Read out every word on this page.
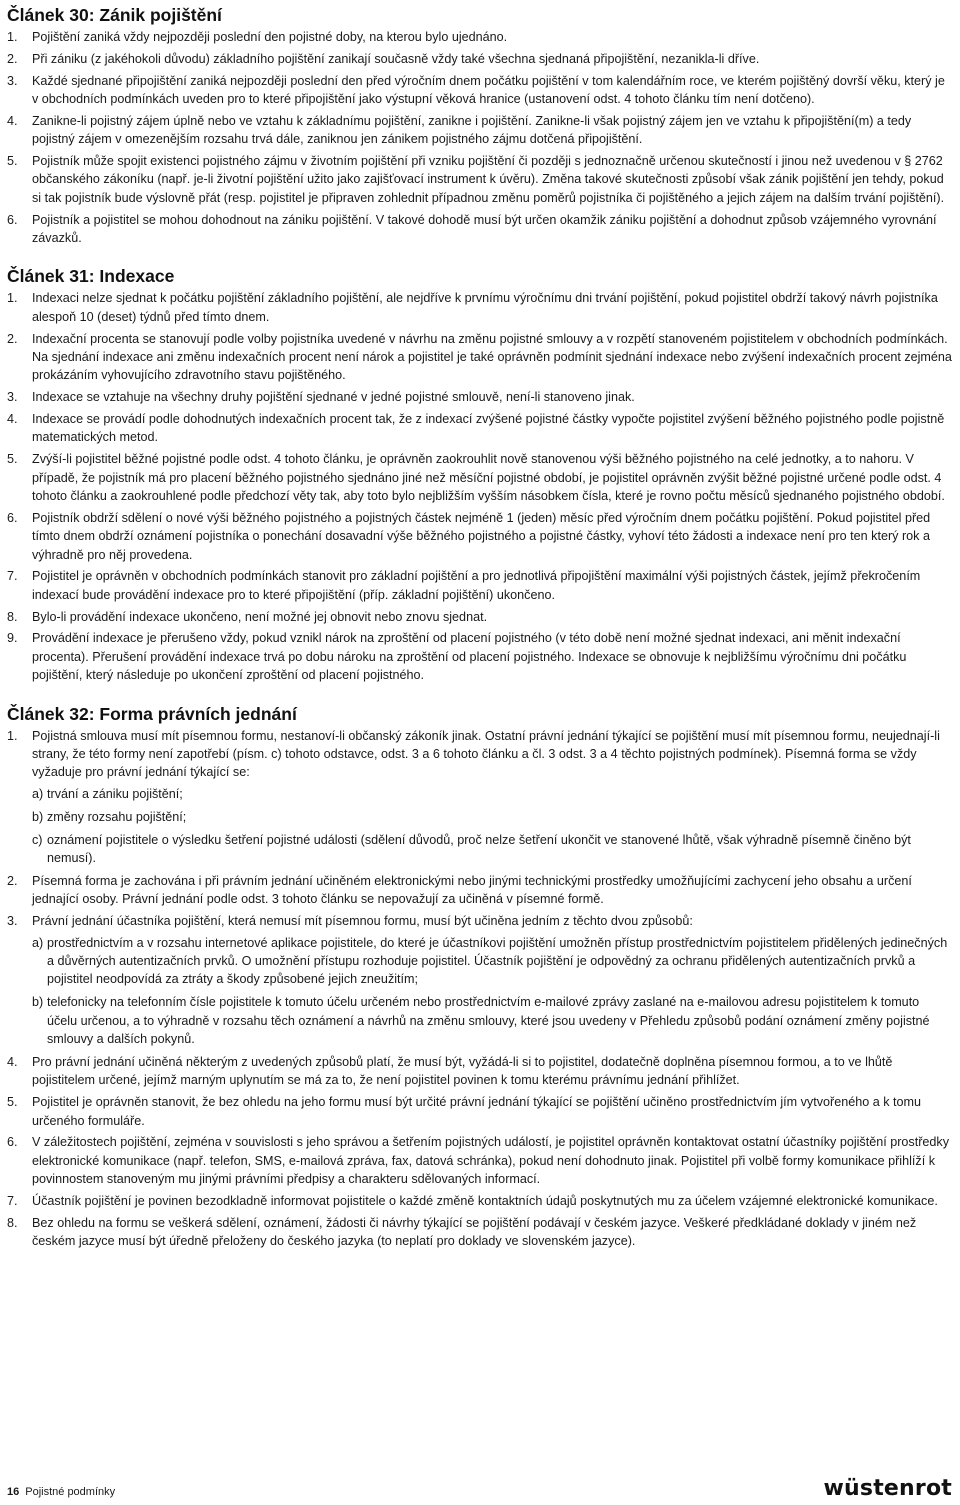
Článek 30: Zánik pojištění
1. Pojištění zaniká vždy nejpozději poslední den pojistné doby, na kterou bylo ujednáno.
2. Při zániku (z jakéhokoli důvodu) základního pojištění zanikají současně vždy také všechna sjednaná připojištění, nezanikla-li dříve.
3. Každé sjednané připojištění zaniká nejpozději poslední den před výročním dnem počátku pojištění v tom kalendářním roce, ve kterém pojištěný dovrší věku, který je v obchodních podmínkách uveden pro to které připojištění jako výstupní věková hranice (ustanovení odst. 4 tohoto článku tím není dotčeno).
4. Zanikne-li pojistný zájem úplně nebo ve vztahu k základnímu pojištění, zanikne i pojištění. Zanikne-li však pojistný zájem jen ve vztahu k připojištění(m) a tedy pojistný zájem v omezenějším rozsahu trvá dále, zaniknou jen zánikem pojistného zájmu dotčená připojištění.
5. Pojistník může spojit existenci pojistného zájmu v životním pojištění při vzniku pojištění či později s jednoznačně určenou skutečností i jinou než uvedenou v § 2762 občanského zákoníku (např. je-li životní pojištění užito jako zajišťovací instrument k úvěru). Změna takové skutečnosti způsobí však zánik pojištění jen tehdy, pokud si tak pojistník bude výslovně přát (resp. pojistitel je připraven zohlednit případnou změnu poměrů pojistníka či pojištěného a jejich zájem na dalším trvání pojištění).
6. Pojistník a pojistitel se mohou dohodnout na zániku pojištění. V takové dohodě musí být určen okamžik zániku pojištění a dohodnut způsob vzájemného vyrovnání závazků.
Článek 31: Indexace
1. Indexaci nelze sjednat k počátku pojištění základního pojištění, ale nejdříve k prvnímu výročnímu dni trvání pojištění, pokud pojistitel obdrží takový návrh pojistníka alespoň 10 (deset) týdnů před tímto dnem.
2. Indexační procenta se stanovují podle volby pojistníka uvedené v návrhu na změnu pojistné smlouvy a v rozpětí stanoveném pojistitelem v obchodních podmínkách. Na sjednání indexace ani změnu indexačních procent není nárok a pojistitel je také oprávněn podmínit sjednání indexace nebo zvýšení indexačních procent zejména prokázáním vyhovujícího zdravotního stavu pojištěného.
3. Indexace se vztahuje na všechny druhy pojištění sjednané v jedné pojistné smlouvě, není-li stanoveno jinak.
4. Indexace se provádí podle dohodnutých indexačních procent tak, že z indexací zvýšené pojistné částky vypočte pojistitel zvýšení běžného pojistného podle pojistně matematických metod.
5. Zvýší-li pojistitel běžné pojistné podle odst. 4 tohoto článku, je oprávněn zaokrouhlit nově stanovenou výši běžného pojistného na celé jednotky, a to nahoru. V případě, že pojistník má pro placení běžného pojistného sjednáno jiné než měsíční pojistné období, je pojistitel oprávněn zvýšit běžné pojistné určené podle odst. 4 tohoto článku a zaokrouhlené podle předchozí věty tak, aby toto bylo nejbližším vyšším násobkem čísla, které je rovno počtu měsíců sjednaného pojistného období.
6. Pojistník obdrží sdělení o nové výši běžného pojistného a pojistných částek nejméně 1 (jeden) měsíc před výročním dnem počátku pojištění. Pokud pojistitel před tímto dnem obdrží oznámení pojistníka o ponechání dosavadní výše běžného pojistného a pojistné částky, vyhoví této žádosti a indexace není pro ten který rok a výhradně pro něj provedena.
7. Pojistitel je oprávněn v obchodních podmínkách stanovit pro základní pojištění a pro jednotlivá připojištění maximální výši pojistných částek, jejímž překročením indexací bude provádění indexace pro to které připojištění (příp. základní pojištění) ukončeno.
8. Bylo-li provádění indexace ukončeno, není možné jej obnovit nebo znovu sjednat.
9. Provádění indexace je přerušeno vždy, pokud vznikl nárok na zproštění od placení pojistného (v této době není možné sjednat indexaci, ani měnit indexační procenta). Přerušení provádění indexace trvá po dobu nároku na zproštění od placení pojistného. Indexace se obnovuje k nejbližšímu výročnímu dni počátku pojištění, který následuje po ukončení zproštění od placení pojistného.
Článek 32: Forma právních jednání
1. Pojistná smlouva musí mít písemnou formu, nestanoví-li občanský zákoník jinak. Ostatní právní jednání týkající se pojištění musí mít písemnou formu, neujednají-li strany, že této formy není zapotřebí (písm. c) tohoto odstavce, odst. 3 a 6 tohoto článku a čl. 3 odst. 3 a 4 těchto pojistných podmínek). Písemná forma se vždy vyžaduje pro právní jednání týkající se:
a) trvání a zániku pojištění;
b) změny rozsahu pojištění;
c) oznámení pojistitele o výsledku šetření pojistné události (sdělení důvodů, proč nelze šetření ukončit ve stanovené lhůtě, však výhradně písemně činěno být nemusí).
2. Písemná forma je zachována i při právním jednání učiněném elektronickými nebo jinými technickými prostředky umožňujícími zachycení jeho obsahu a určení jednající osoby. Právní jednání podle odst. 3 tohoto článku se nepovažují za učiněná v písemné formě.
3. Právní jednání účastníka pojištění, která nemusí mít písemnou formu, musí být učiněna jedním z těchto dvou způsobů:
a) prostřednictvím a v rozsahu internetové aplikace pojistitele, do které je účastníkovi pojištění umožněn přístup prostřednictvím pojistitelem přidělených jedinečných a důvěrných autentizačních prvků. O umožnění přístupu rozhoduje pojistitel. Účastník pojištění je odpovědný za ochranu přidělených autentizačních prvků a pojistitel neodpovídá za ztráty a škody způsobené jejich zneužitím;
b) telefonicky na telefonním čísle pojistitele k tomuto účelu určeném nebo prostřednictvím e-mailové zprávy zaslané na e-mailovou adresu pojistitelem k tomuto účelu určenou, a to výhradně v rozsahu těch oznámení a návrhů na změnu smlouvy, které jsou uvedeny v Přehledu způsobů podání oznámení změny pojistné smlouvy a dalších pokynů.
4. Pro právní jednání učiněná některým z uvedených způsobů platí, že musí být, vyžádá-li si to pojistitel, dodatečně doplněna písemnou formou, a to ve lhůtě pojistitelem určené, jejímž marným uplynutím se má za to, že není pojistitel povinen k tomu kterému právnímu jednání přihlížet.
5. Pojistitel je oprávněn stanovit, že bez ohledu na jeho formu musí být určité právní jednání týkající se pojištění učiněno prostřednictvím jím vytvořeného a k tomu určeného formuláře.
6. V záležitostech pojištění, zejména v souvislosti s jeho správou a šetřením pojistných událostí, je pojistitel oprávněn kontaktovat ostatní účastníky pojištění prostředky elektronické komunikace (např. telefon, SMS, e-mailová zpráva, fax, datová schránka), pokud není dohodnuto jinak. Pojistitel při volbě formy komunikace přihlíží k povinnostem stanoveným mu jinými právními předpisy a charakteru sdělovaných informací.
7. Účastník pojištění je povinen bezodkladně informovat pojistitele o každé změně kontaktních údajů poskytnutých mu za účelem vzájemné elektronické komunikace.
8. Bez ohledu na formu se veškerá sdělení, oznámení, žádosti či návrhy týkající se pojištění podávají v českém jazyce. Veškeré předkládané doklady v jiném než českém jazyce musí být úředně přeloženy do českého jazyka (to neplatí pro doklady ve slovenském jazyce).
16 Pojistné podmínky	wüstenrot
